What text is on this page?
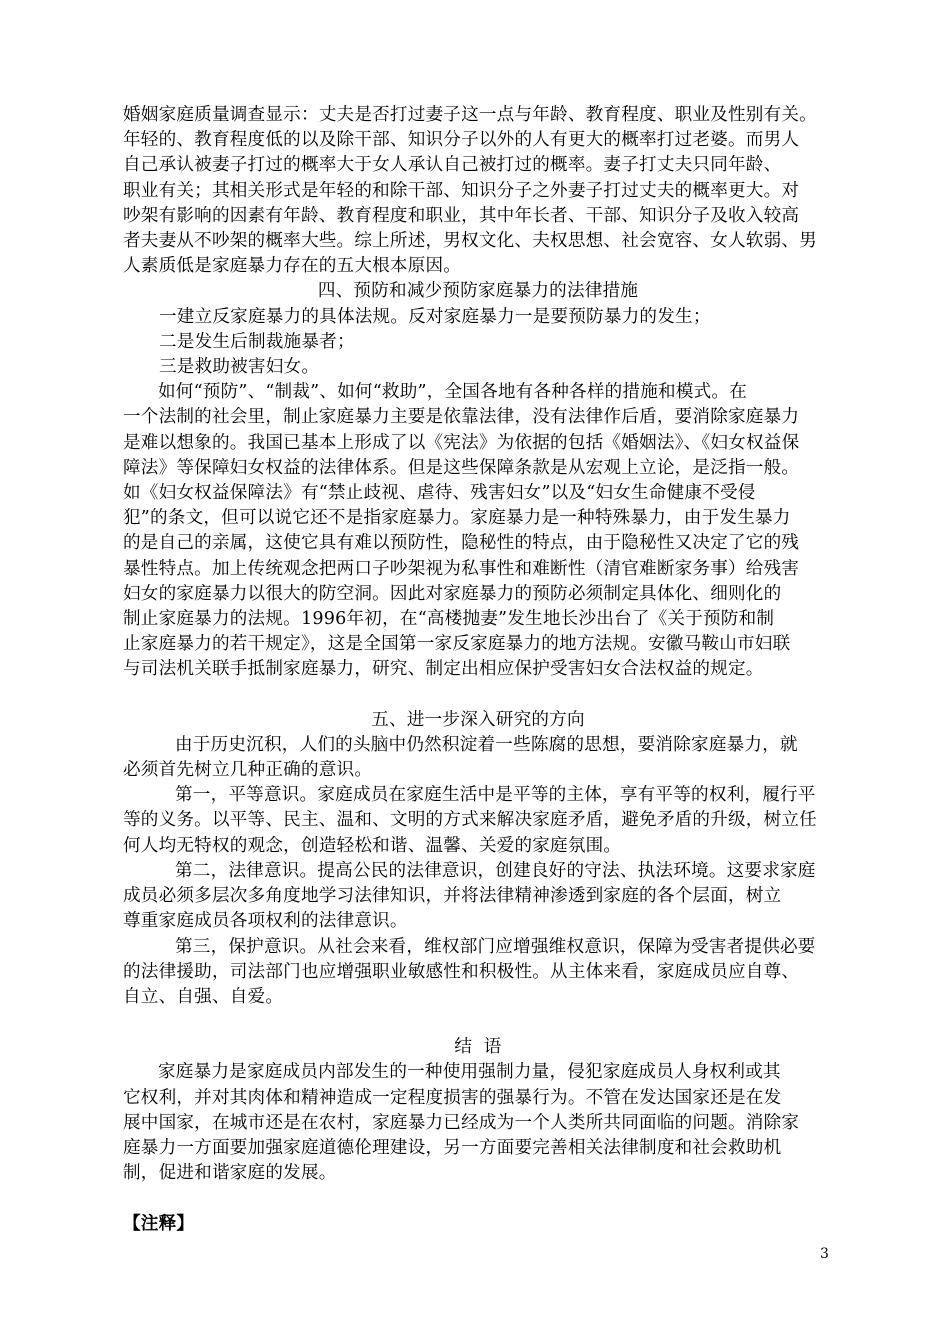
婚姻家庭质量调查显示：丈夫是否打过妻子这一点与年龄、教育程度、职业及性别有关。
年轻的、教育程度低的以及除干部、知识分子以外的人有更大的概率打过老婆。而男人
自己承认被妻子打过的概率大于女人承认自己被打过的概率。妻子打丈夫只同年龄、
职业有关；其相关形式是年轻的和除干部、知识分子之外妻子打过丈夫的概率更大。对
吵架有影响的因素有年龄、教育程度和职业，其中年长者、干部、知识分子及收入较高
者夫妻从不吵架的概率大些。综上所述，男权文化、夫权思想、社会宽容、女人软弱、男
人素质低是家庭暴力存在的五大根本原因。
四、预防和减少预防家庭暴力的法律措施
一建立反家庭暴力的具体法规。反对家庭暴力一是要预防暴力的发生；
二是发生后制裁施暴者；
三是救助被害妇女。
如何“预防”、“制裁”、如何“救助”，全国各地有各种各样的措施和模式。在
一个法制的社会里，制止家庭暴力主要是依靠法律，没有法律作后盾，要消除家庭暴力
是难以想象的。我国已基本上形成了以《宪法》为依据的包括《婚姻法》、《妇女权益保
障法》等保障妇女权益的法律体系。但是这些保障条款是从宏观上立论，是泛指一般。
如《妇女权益保障法》有“禁止歧视、虐待、残害妇女”以及“妇女生命健康不受侵
犯”的条文，但可以说它还不是指家庭暴力。家庭暴力是一种特殊暴力，由于发生暴力
的是自己的亲属，这使它具有难以预防性，隐秘性的特点，由于隐秘性又决定了它的残
暴性特点。加上传统观念把两口子吵架视为私事性和难断性（清官难断家务事）给残害
妇女的家庭暴力以很大的防空洞。因此对家庭暴力的预防必须制定具体化、细则化的
制止家庭暴力的法规。1996年初，在“高楼抛妻”发生地长沙出台了《关于预防和制
止家庭暴力的若干规定》，这是全国第一家反家庭暴力的地方法规。安徽马鞍山市妇联
与司法机关联手抵制家庭暴力，研究、制定出相应保护受害妇女合法权益的规定。
五、进一步深入研究的方向
由于历史沉积，人们的头脑中仍然积淀着一些陈腐的思想，要消除家庭暴力，就
必须首先树立几种正确的意识。
第一，平等意识。家庭成员在家庭生活中是平等的主体，享有平等的权利，履行平
等的义务。以平等、民主、温和、文明的方式来解决家庭矛盾，避免矛盾的升级，树立任
何人均无特权的观念，创造轻松和谐、温馨、关爱的家庭氛围。
第二，法律意识。提高公民的法律意识，创建良好的守法、执法环境。这要求家庭
成员必须多层次多角度地学习法律知识，并将法律精神渗透到家庭的各个层面，树立
尊重家庭成员各项权利的法律意识。
第三，保护意识。从社会来看，维权部门应增强维权意识，保障为受害者提供必要
的法律援助，司法部门也应增强职业敏感性和积极性。从主体来看，家庭成员应自尊、
自立、自强、自爱。
结  语
家庭暴力是家庭成员内部发生的一种使用强制力量，侵犯家庭成员人身权利或其
它权利，并对其肉体和精神造成一定程度损害的强暴行为。不管在发达国家还是在发
展中国家，在城市还是在农村，家庭暴力已经成为一个人类所共同面临的问题。消除家
庭暴力一方面要加强家庭道德伦理建设，另一方面要完善相关法律制度和社会救助机
制，促进和谐家庭的发展。
【注释】
3
